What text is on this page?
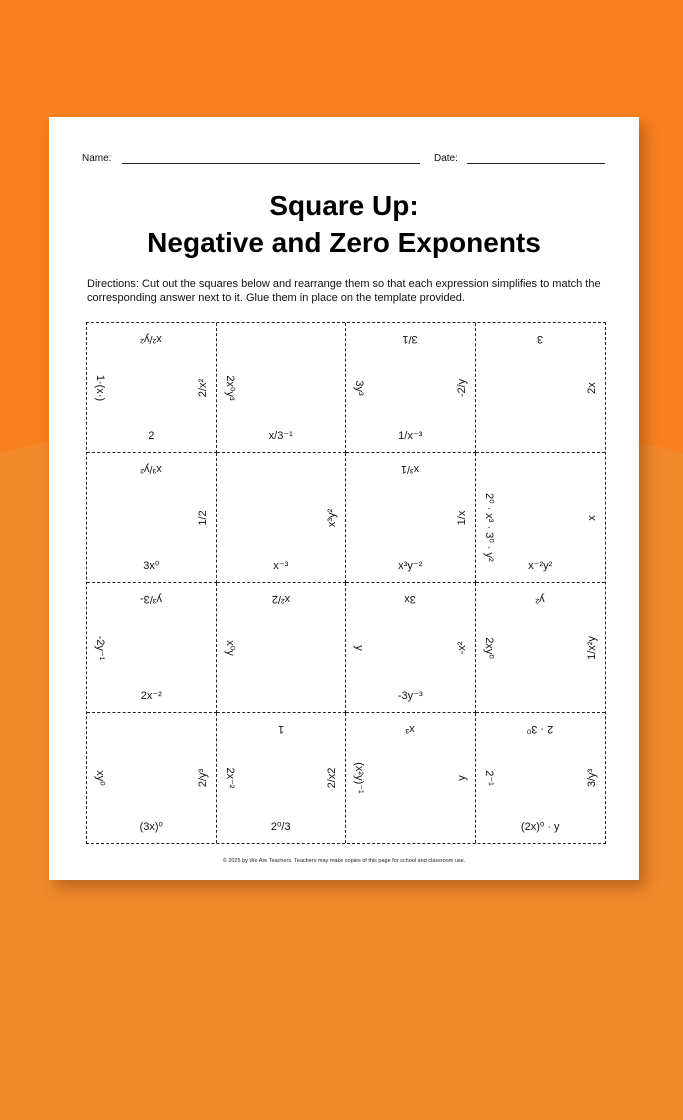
Name:	Date:
Square Up:
Negative and Zero Exponents
Directions: Cut out the squares below and rearrange them so that each expression simplifies to match the corresponding answer next to it. Glue them in place on the template provided.
x²/y²
1·(x·)	2/x²
2
2x⁰y³
x/3⁻¹
3/1
3y³	-2/y
1/x⁻³
3
2x
x³/y²
1/2
3x⁰
x³y²
x⁻³
x³/1
1/x
x³y⁻²
2⁰ · x³ · 3⁰ · y²	x
x⁻²y²
y³/3-
-2y⁻¹
2x⁻²
x²/2
x⁰y
3x
y	-x²
-3y⁻³
y²
2xy⁰	1/x²y
xy⁰	2/y³
(3x)⁰
1
2x⁻²	2/x2
2⁰/3
x³
(x²y)⁻¹	y
2 · 3⁰
2⁻¹	3/y³
(2x)⁰ · y
© 2025 by We Are Teachers. Teachers may make copies of this page for school and classroom use.
